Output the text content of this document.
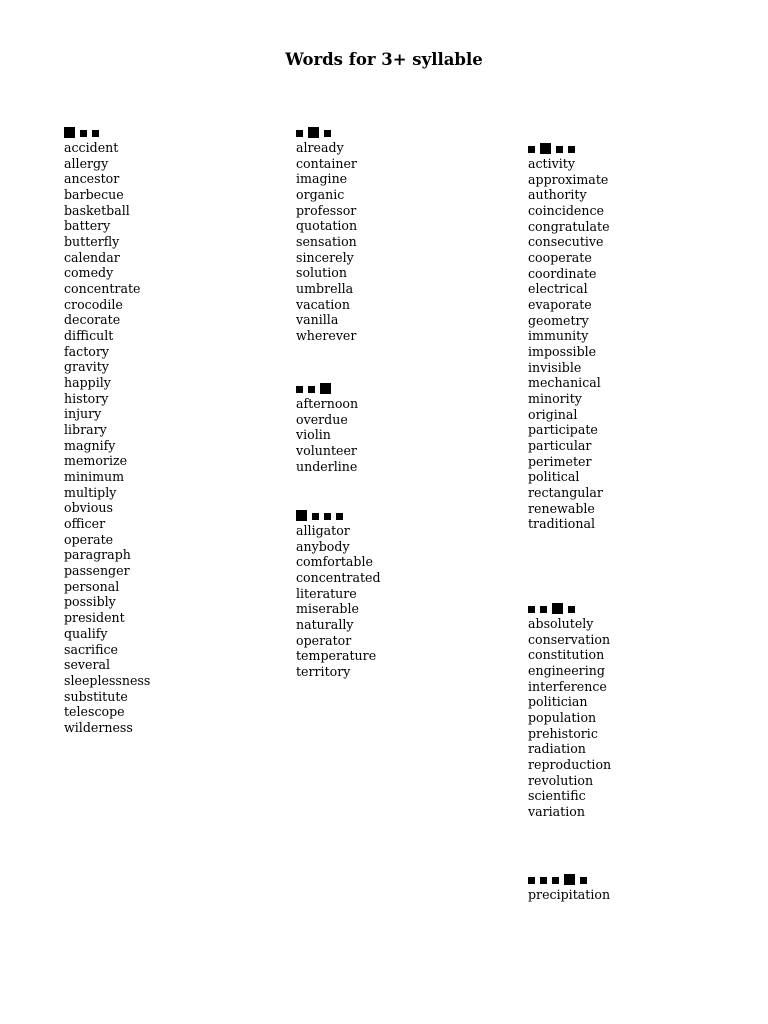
Words for 3+ syllable
accident
allergy
ancestor
barbecue
basketball
battery
butterfly
calendar
comedy
concentrate
crocodile
decorate
difficult
factory
gravity
happily
history
injury
library
magnify
memorize
minimum
multiply
obvious
officer
operate
paragraph
passenger
personal
possibly
president
qualify
sacrifice
several
sleeplessness
substitute
telescope
wilderness
already
container
imagine
organic
professor
quotation
sensation
sincerely
solution
umbrella
vacation
vanilla
wherever
afternoon
overdue
violin
volunteer
underline
alligator
anybody
comfortable
concentrated
literature
miserable
naturally
operator
temperature
territory
activity
approximate
authority
coincidence
congratulate
consecutive
cooperate
coordinate
electrical
evaporate
geometry
immunity
impossible
invisible
mechanical
minority
original
participate
particular
perimeter
political
rectangular
renewable
traditional
absolutely
conservation
constitution
engineering
interference
politician
population
prehistoric
radiation
reproduction
revolution
scientific
variation
precipitation
